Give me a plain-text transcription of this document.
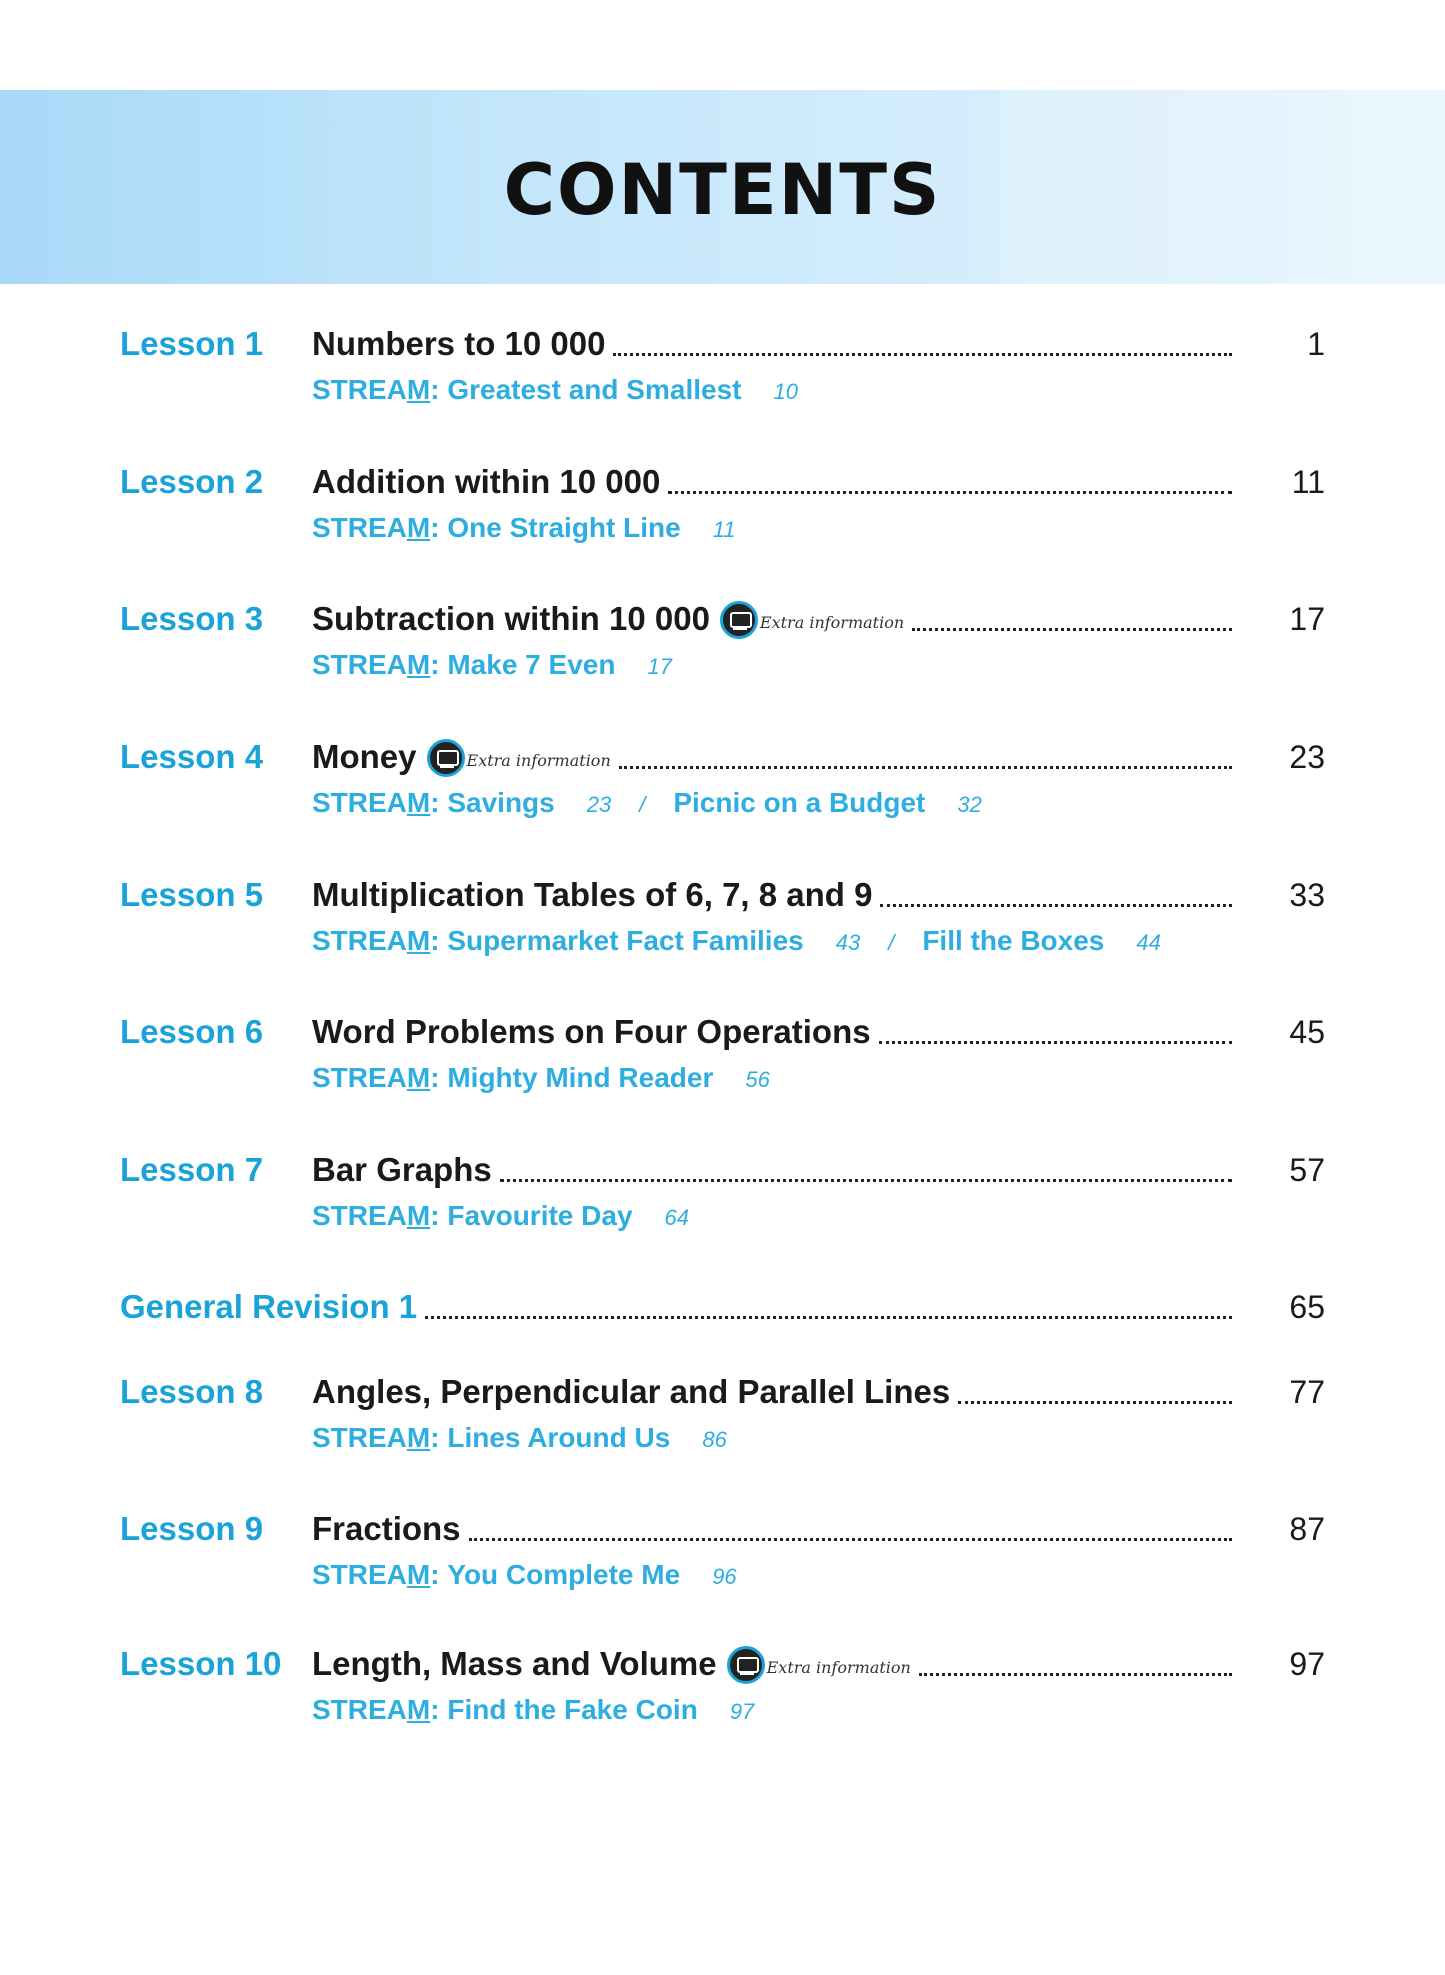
CONTENTS
Lesson 1 Numbers to 10 000	1
STREAM:
Greatest and Smallest 10
Lesson 2 Addition within 10 000	11
STREAM:
One Straight Line 11
Lesson 3 Subtraction within 10 000	Extra information	17
STREAM:
Make 7 Even 17
Lesson 4 Money	Extra information	23
STREAM:
Savings 23 / Picnic on a Budget 32
Lesson 5 Multiplication Tables of 6, 7, 8 and 9	33
STREAM:
Supermarket Fact Families 43 / Fill the Boxes 44
Lesson 6 Word Problems on Four Operations	45
STREAM:
Mighty Mind Reader 56
Lesson 7 Bar Graphs	57
STREAM:
Favourite Day 64
General Revision 1	65
Lesson 8 Angles, Perpendicular and Parallel Lines	77
STREAM:
Lines Around Us 86
Lesson 9 Fractions	87
STREAM:
You Complete Me 96
Lesson 10 Length, Mass and Volume	Extra information	97
STREAM:
Find the Fake Coin 97
